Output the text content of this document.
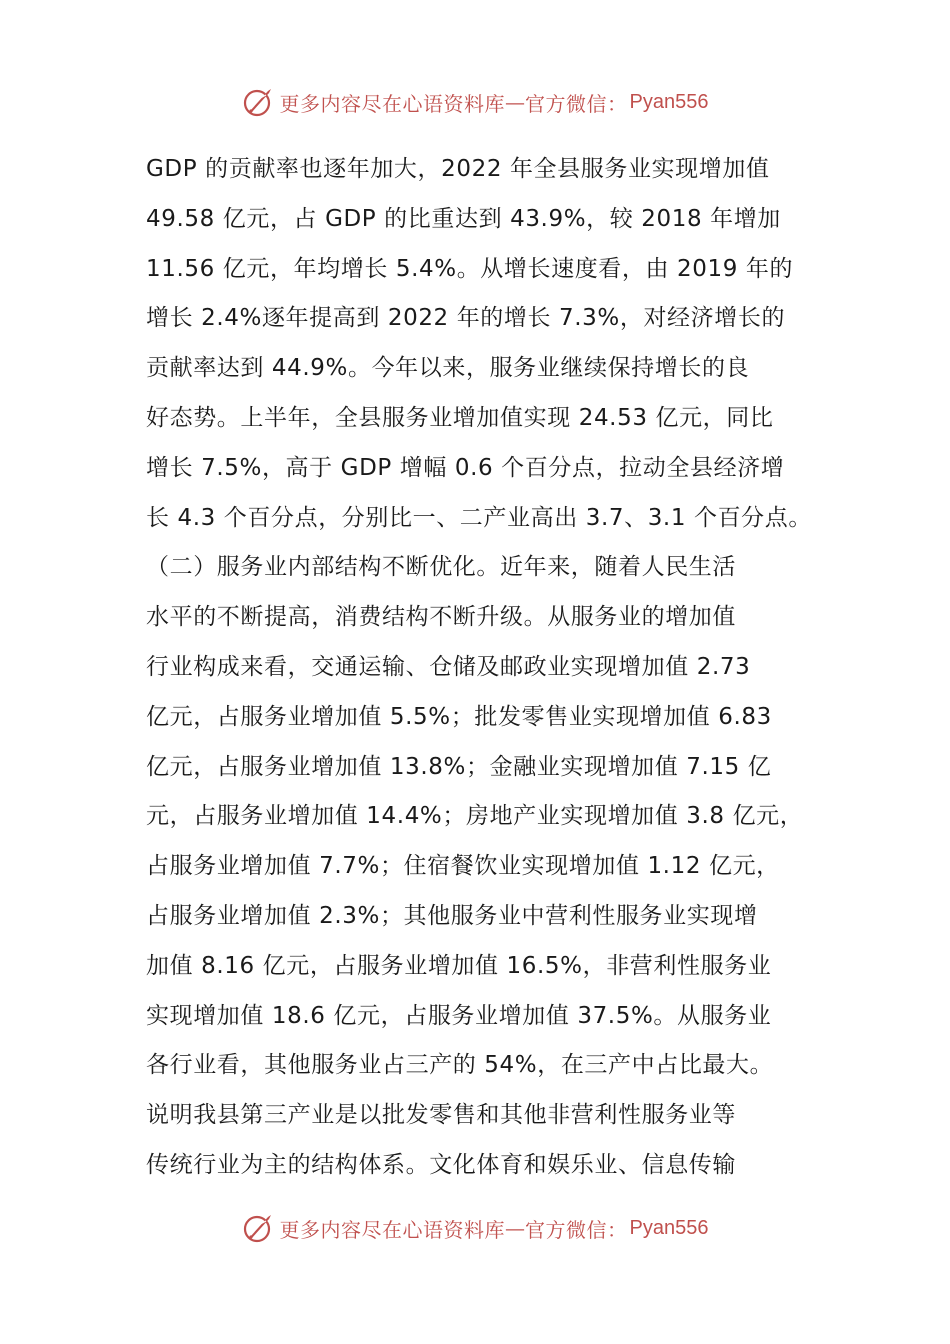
更多内容尽在心语资料库 — 官方微信： Pyan556
GDP 的贡献率也逐年加大，2022 年全县服务业实现增加值
49.58 亿元，占 GDP 的比重达到 43.9%，较 2018 年增加
11.56 亿元，年均增长 5.4%。从增长速度看，由 2019 年的
增长 2.4%逐年提高到 2022 年的增长 7.3%，对经济增长的
贡献率达到 44.9%。今年以来，服务业继续保持增长的良
好态势。上半年，全县服务业增加值实现 24.53 亿元，同比
增长 7.5%，高于 GDP 增幅 0.6 个百分点，拉动全县经济增
长 4.3 个百分点，分别比一、二产业高出 3.7、3.1 个百分点。
（二）服务业内部结构不断优化。近年来，随着人民生活
水平的不断提高，消费结构不断升级。从服务业的增加值
行业构成来看，交通运输、仓储及邮政业实现增加值 2.73
亿元，占服务业增加值 5.5%；批发零售业实现增加值 6.83
亿元，占服务业增加值 13.8%；金融业实现增加值 7.15 亿
元，占服务业增加值 14.4%；房地产业实现增加值 3.8 亿元，
占服务业增加值 7.7%；住宿餐饮业实现增加值 1.12 亿元，
占服务业增加值 2.3%；其他服务业中营利性服务业实现增
加值 8.16 亿元，占服务业增加值 16.5%，非营利性服务业
实现增加值 18.6 亿元，占服务业增加值 37.5%。从服务业
各行业看，其他服务业占三产的 54%，在三产中占比最大。
说明我县第三产业是以批发零售和其他非营利性服务业等
传统行业为主的结构体系。文化体育和娱乐业、信息传输
更多内容尽在心语资料库 — 官方微信： Pyan556
